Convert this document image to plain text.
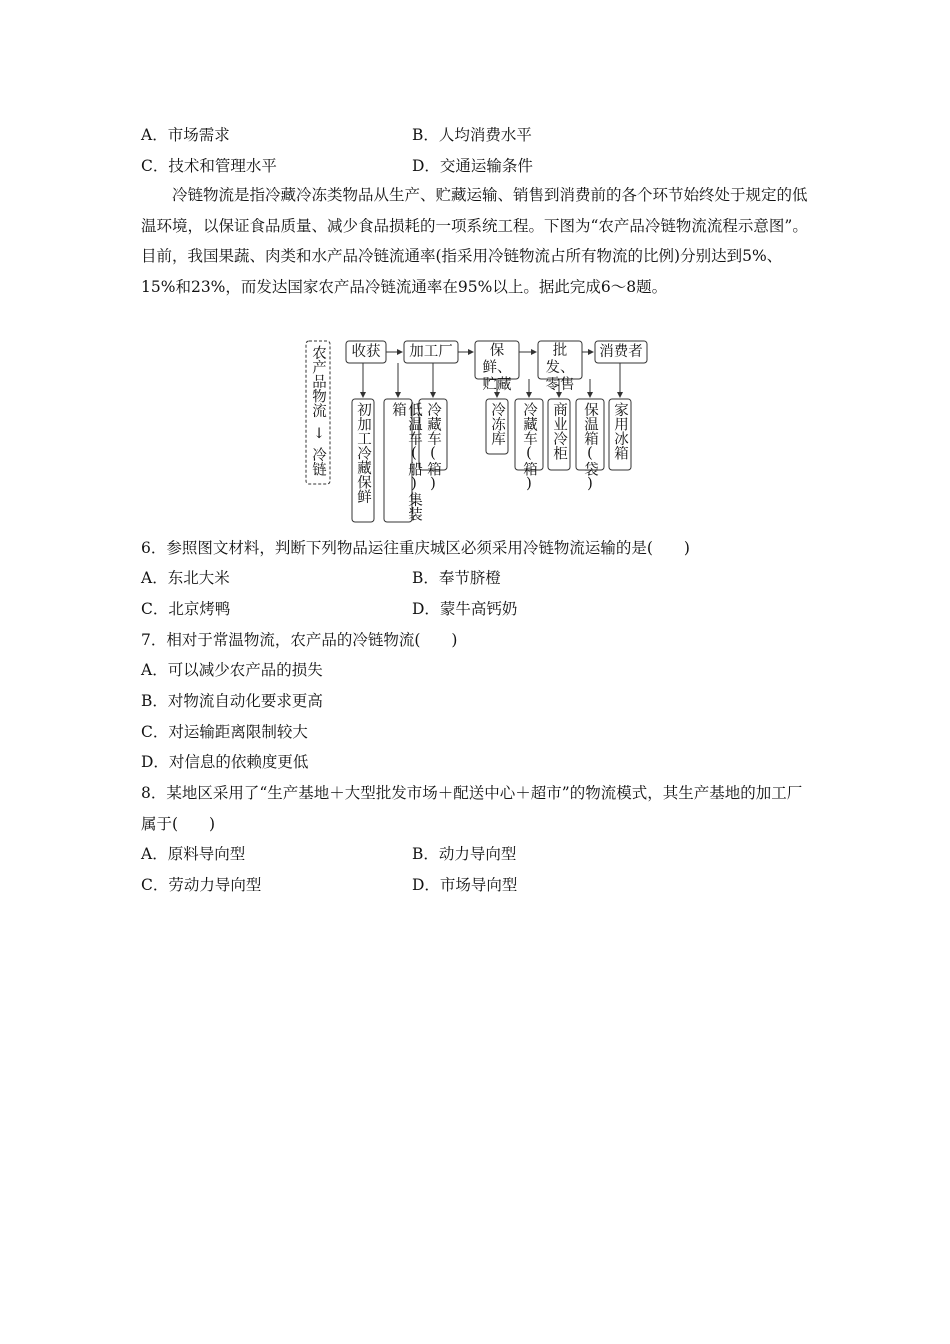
A．市场需求	B．人均消费水平
C．技术和管理水平	D．交通运输条件
冷链物流是指冷藏冷冻类物品从生产、贮藏运输、销售到消费前的各个环节始终处于规定的低温环境，以保证食品质量、减少食品损耗的一项系统工程。下图为“农产品冷链物流流程示意图”。目前，我国果蔬、肉类和水产品冷链流通率(指采用冷链物流占所有物流的比例)分别达到5%、15%和23%，而发达国家农产品冷链流通率在95%以上。据此完成6～8题。
农产品物流
↓
冷链
收获 加工厂	保鲜、贮藏
批发、零售
消费者
初加工冷藏保鲜	低温车(船)集装箱	冷藏车(箱)	冷冻库 冷藏车(箱) 商业冷柜 保温箱(袋) 家用冰箱
6．参照图文材料，判断下列物品运往重庆城区必须采用冷链物流运输的是(　　)
A．东北大米	B．奉节脐橙
C．北京烤鸭	D．蒙牛高钙奶
7．相对于常温物流，农产品的冷链物流(　　)
A．可以减少农产品的损失
B．对物流自动化要求更高
C．对运输距离限制较大
D．对信息的依赖度更低
8．某地区采用了“生产基地＋大型批发市场＋配送中心＋超市”的物流模式，其生产基地的加工厂属于(　　)
A．原料导向型	B．动力导向型
C．劳动力导向型	D．市场导向型
